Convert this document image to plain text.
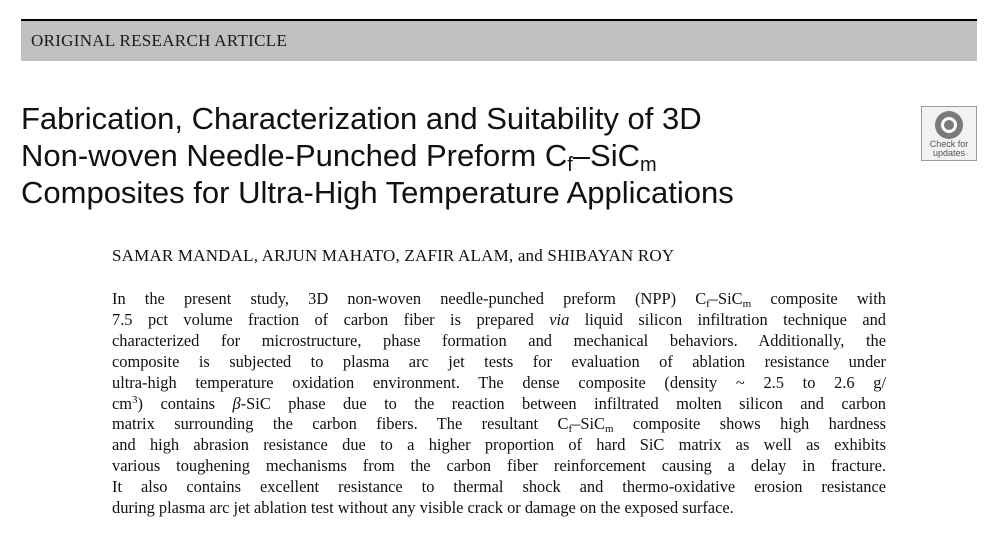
ORIGINAL RESEARCH ARTICLE
Fabrication, Characterization and Suitability of 3D
Non-woven Needle-Punched Preform $C_f-SiC_m$
Composites for Ultra-High Temperature Applications
Check for
updates
SAMAR MANDAL, ARJUN MAHATO, ZAFIR ALAM, and SHIBAYAN ROY
In the present study, 3D non-woven needle-punched preform (NPP) $C_f-SiC_m$ composite with
7.5 pct volume fraction of carbon fiber is prepared via liquid silicon infiltration technique and
characterized for microstructure, phase formation and mechanical behaviors. Additionally, the
composite is subjected to plasma arc jet tests for evaluation of ablation resistance under
ultra-high temperature oxidation environment. The dense composite (density ~ 2.5 to 2.6 g/
$cm^3$) contains β-SiC phase due to the reaction between infiltrated molten silicon and carbon
matrix surrounding the carbon fibers. The resultant $C_f-SiC_m$ composite shows high hardness
and high abrasion resistance due to a higher proportion of hard SiC matrix as well as exhibits
various toughening mechanisms from the carbon fiber reinforcement causing a delay in fracture.
It also contains excellent resistance to thermal shock and thermo-oxidative erosion resistance
during plasma arc jet ablation test without any visible crack or damage on the exposed surface.
